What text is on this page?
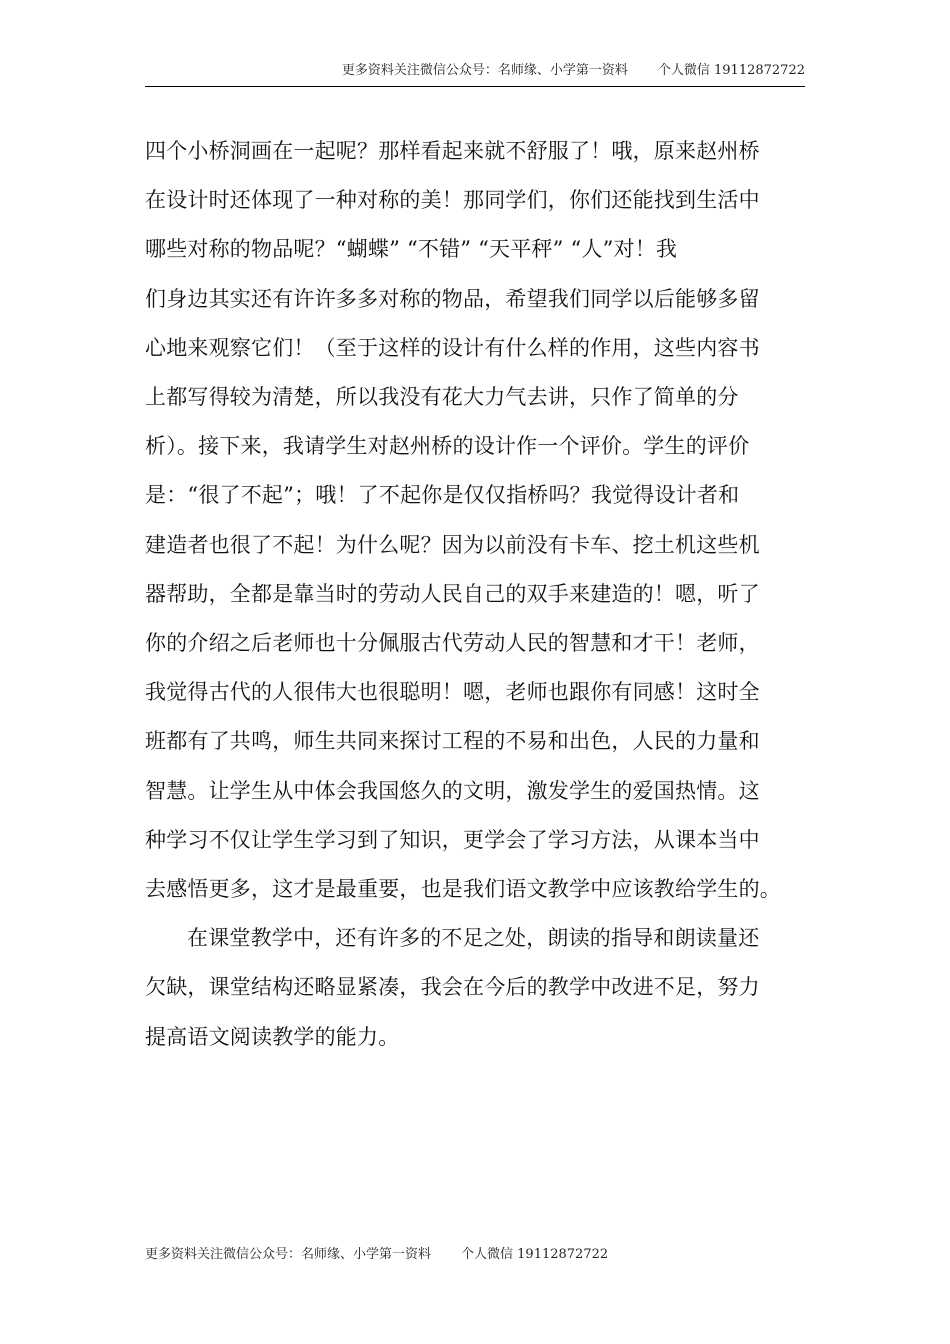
更多资料关注微信公众号：名师缘、小学第一资料 个人微信 19112872722
四个小桥洞画在一起呢？那样看起来就不舒服了！哦，原来赵州桥
在设计时还体现了一种对称的美！那同学们，你们还能找到生活中
哪些对称的物品呢？“蝴蝶” “不错” “天平秤” “人”对！我
们身边其实还有许许多多对称的物品，希望我们同学以后能够多留
心地来观察它们！（至于这样的设计有什么样的作用，这些内容书
上都写得较为清楚，所以我没有花大力气去讲，只作了简单的分
析）。接下来，我请学生对赵州桥的设计作一个评价。学生的评价
是：“很了不起”；哦！了不起你是仅仅指桥吗？我觉得设计者和
建造者也很了不起！为什么呢？因为以前没有卡车、挖土机这些机
器帮助，全都是靠当时的劳动人民自己的双手来建造的！嗯，听了
你的介绍之后老师也十分佩服古代劳动人民的智慧和才干！老师，
我觉得古代的人很伟大也很聪明！嗯，老师也跟你有同感！这时全
班都有了共鸣，师生共同来探讨工程的不易和出色，人民的力量和
智慧。让学生从中体会我国悠久的文明，激发学生的爱国热情。这
种学习不仅让学生学习到了知识，更学会了学习方法，从课本当中
去感悟更多，这才是最重要，也是我们语文教学中应该教给学生的。
在课堂教学中，还有许多的不足之处，朗读的指导和朗读量还
欠缺，课堂结构还略显紧凑，我会在今后的教学中改进不足，努力
提高语文阅读教学的能力。
更多资料关注微信公众号：名师缘、小学第一资料 个人微信 19112872722
